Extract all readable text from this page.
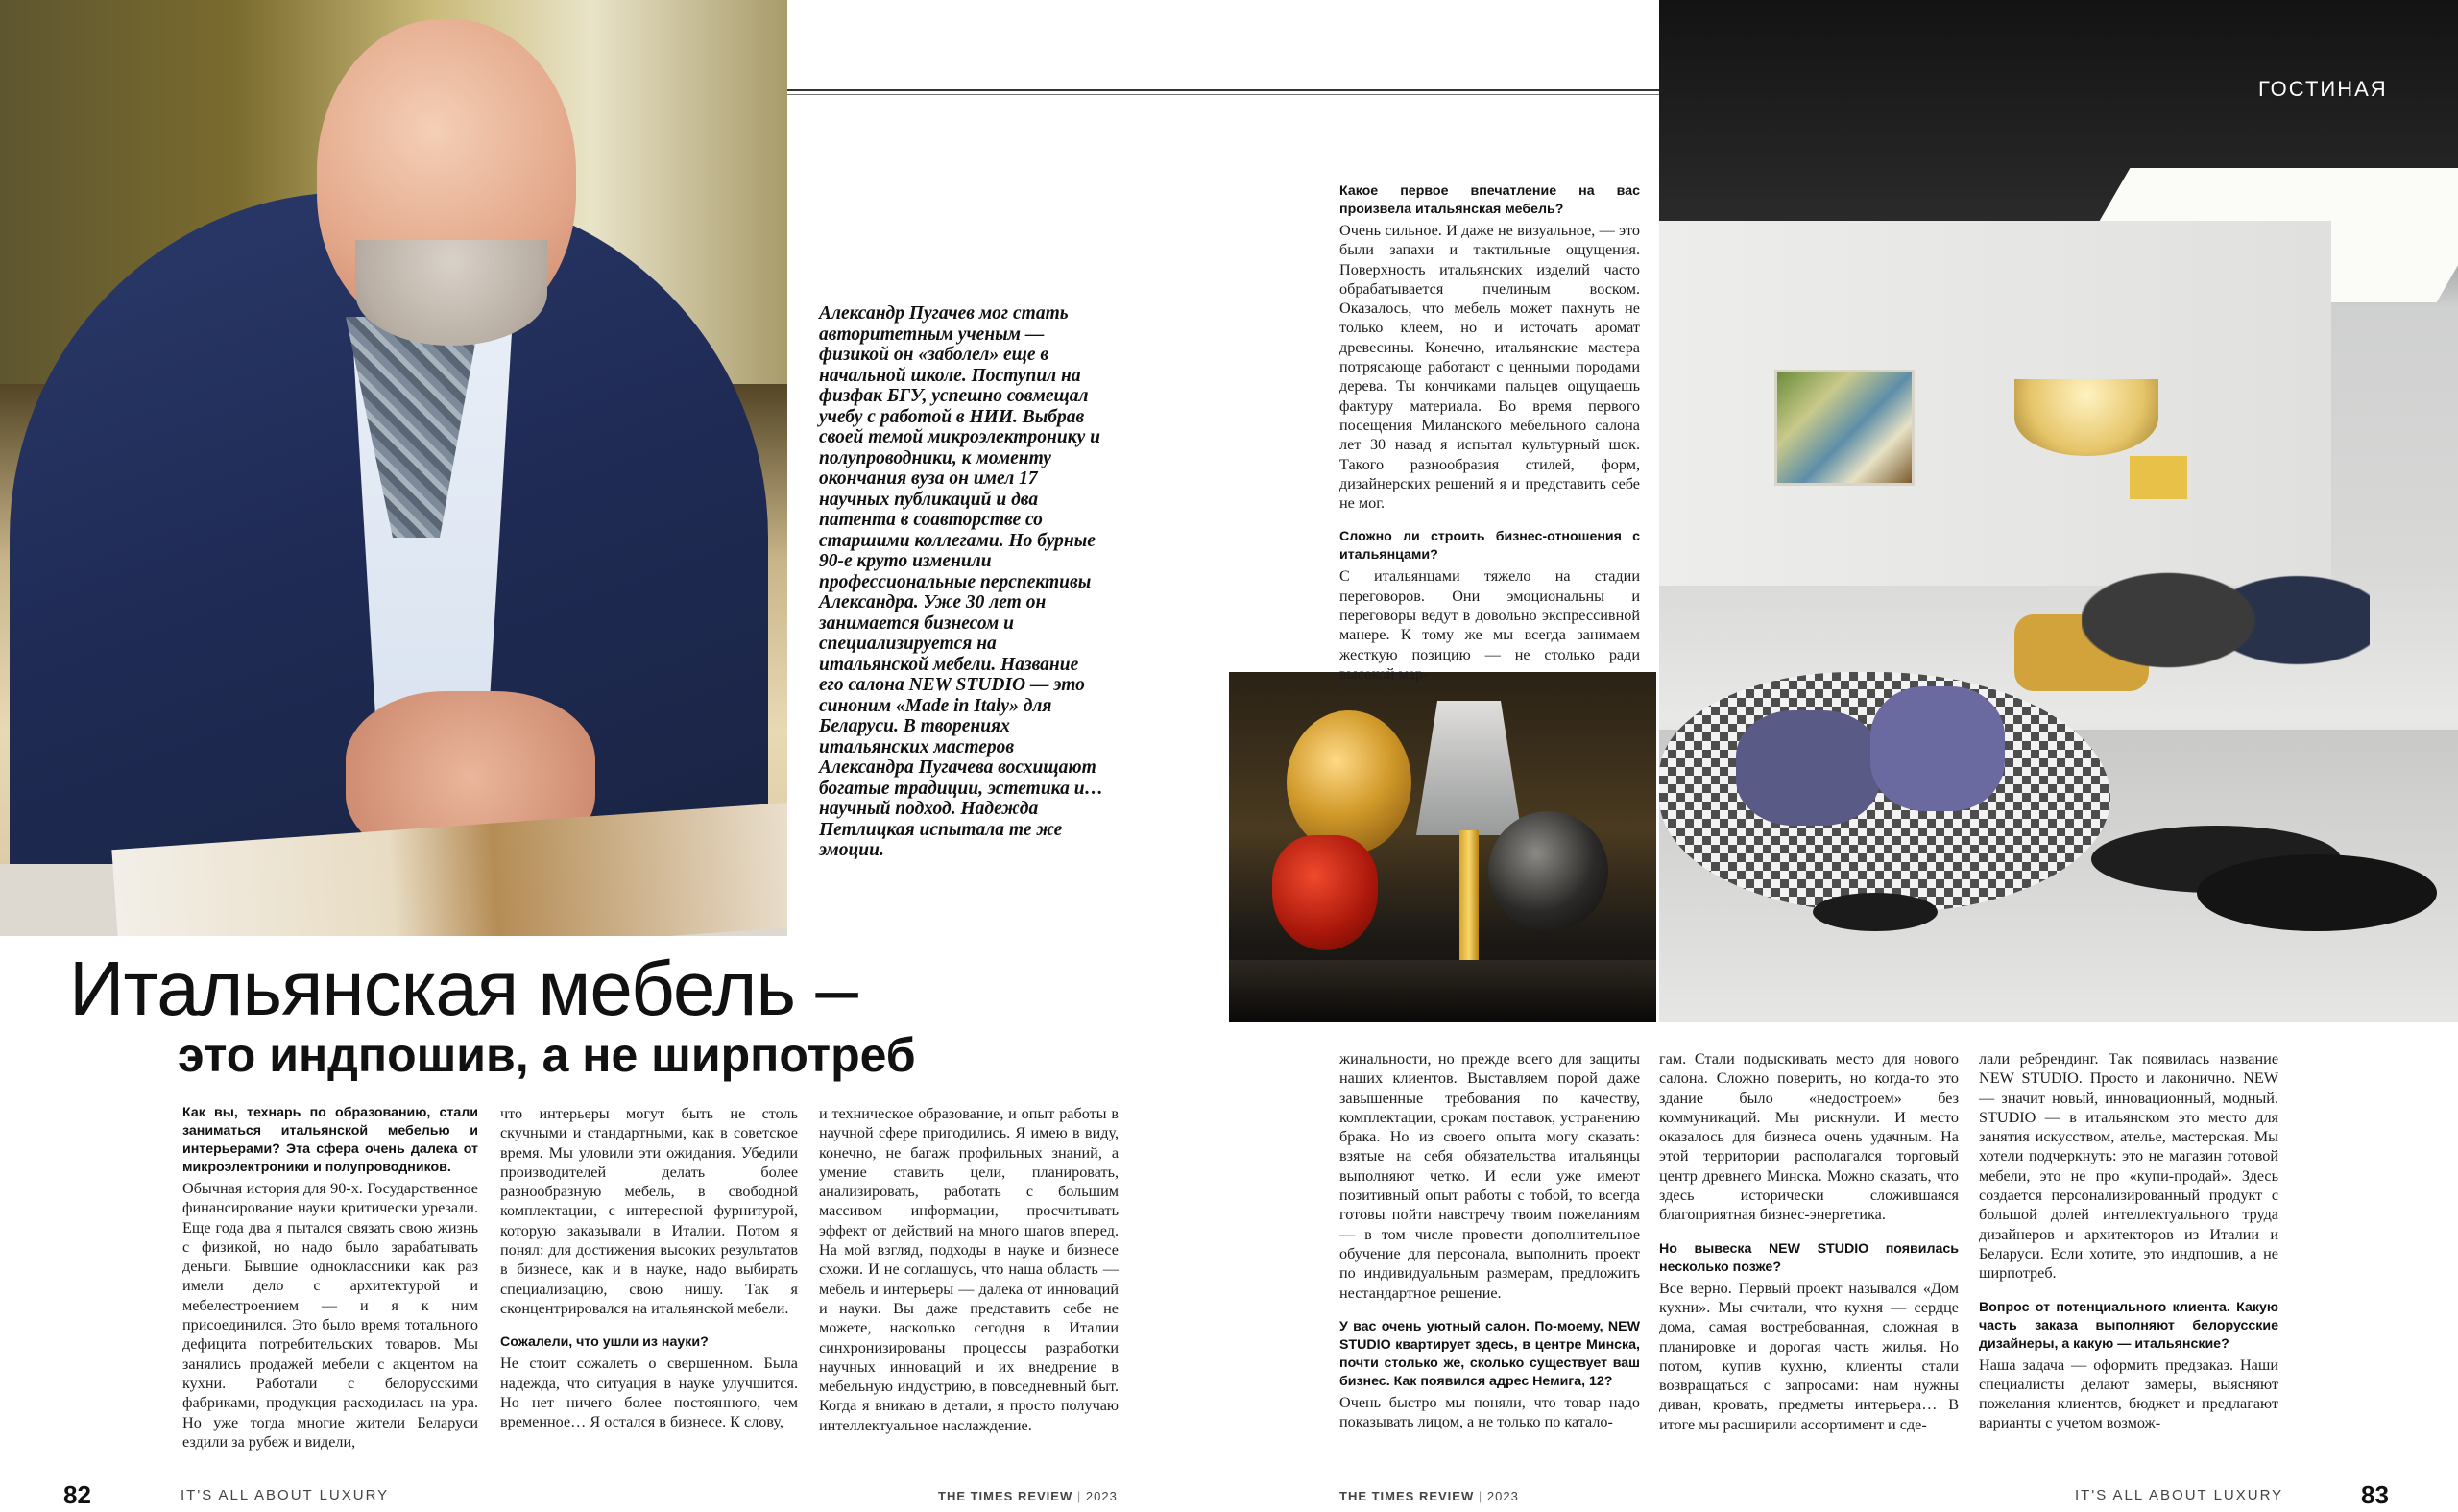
ГОСТИНАЯ
Александр Пугачев мог стать авторитетным ученым — физикой он «заболел» еще в начальной школе. Поступил на физфак БГУ, успешно совмещал учебу с работой в НИИ. Выбрав своей темой микроэлектронику и полупроводники, к моменту окончания вуза он имел 17 научных публикаций и два патента в соавторстве со старшими коллегами. Но бурные 90-е круто изменили профессиональные перспективы Александра. Уже 30 лет он занимается бизнесом и специализируется на итальянской мебели. Название его салона NEW STUDIO — это синоним «Made in Italy» для Беларуси. В творениях итальянских мастеров Александра Пугачева восхищают богатые традиции, эстетика и… научный подход. Надежда Петлицкая испытала те же эмоции.
Итальянская мебель –
это индпошив, а не ширпотреб
Как вы, технарь по образованию, стали заниматься итальянской мебелью и интерьерами? Эта сфера очень далека от микроэлектроники и полупроводников.
Обычная история для 90-х. Государственное финансирование науки критически урезали. Еще года два я пытался связать свою жизнь с физикой, но надо было зарабатывать деньги. Бывшие одноклассники как раз имели дело с архитектурой и мебелестроением — и я к ним присоединился. Это было время тотального дефицита потребительских товаров. Мы занялись продажей мебели с акцентом на кухни. Работали с белорусскими фабриками, продукция расходилась на ура. Но уже тогда многие жители Беларуси ездили за рубеж и видели,
что интерьеры могут быть не столь скучными и стандартными, как в советское время. Мы уловили эти ожидания. Убедили производителей делать более разнообразную мебель, в свободной комплектации, с интересной фурнитурой, которую заказывали в Италии. Потом я понял: для достижения высоких результатов в бизнесе, как и в науке, надо выбирать специализацию, свою нишу. Так я сконцентрировался на итальянской мебели.
Сожалели, что ушли из науки?
Не стоит сожалеть о свершенном. Была надежда, что ситуация в науке улучшится. Но нет ничего более постоянного, чем временное… Я остался в бизнесе. К слову,
и техническое образование, и опыт работы в научной сфере пригодились. Я имею в виду, конечно, не багаж профильных знаний, а умение ставить цели, планировать, анализировать, работать с большим массивом информации, просчитывать эффект от действий на много шагов вперед. На мой взгляд, подходы в науке и бизнесе схожи. И не соглашусь, что наша область — мебель и интерьеры — далека от инноваций и науки. Вы даже представить себе не можете, насколько сегодня в Италии синхронизированы процессы разработки научных инноваций и их внедрение в мебельную индустрию, в повседневный быт. Когда я вникаю в детали, я просто получаю интеллектуальное наслаждение.
Какое первое впечатление на вас произвела итальянская мебель?
Очень сильное. И даже не визуальное, — это были запахи и тактильные ощущения. Поверхность итальянских изделий часто обрабатывается пчелиным воском. Оказалось, что мебель может пахнуть не только клеем, но и источать аромат древесины. Конечно, итальянские мастера потрясающе работают с ценными породами дерева. Ты кончиками пальцев ощущаешь фактуру материала. Во время первого посещения Миланского мебельного салона лет 30 назад я испытал культурный шок. Такого разнообразия стилей, форм, дизайнерских решений я и представить себе не мог.
Сложно ли строить бизнес-отношения с итальянцами?
С итальянцами тяжело на стадии переговоров. Они эмоциональны и переговоры ведут в довольно экспрессивной манере. К тому же мы всегда занимаем жесткую позицию — не столько ради высокой мар-
жинальности, но прежде всего для защиты наших клиентов. Выставляем порой даже завышенные требования по качеству, комплектации, срокам поставок, устранению брака. Но из своего опыта могу сказать: взятые на себя обязательства итальянцы выполняют четко. И если уже имеют позитивный опыт работы с тобой, то всегда готовы пойти навстречу твоим пожеланиям — в том числе провести дополнительное обучение для персонала, выполнить проект по индивидуальным размерам, предложить нестандартное решение.
У вас очень уютный салон. По-моему, NEW STUDIO квартирует здесь, в центре Минска, почти столько же, сколько существует ваш бизнес. Как появился адрес Немига, 12?
Очень быстро мы поняли, что товар надо показывать лицом, а не только по катало-
гам. Стали подыскивать место для нового салона. Сложно поверить, но когда-то это здание было «недостроем» без коммуникаций. Мы рискнули. И место оказалось для бизнеса очень удачным. На этой территории располагался торговый центр древнего Минска. Можно сказать, что здесь исторически сложившаяся благоприятная бизнес-энергетика.
Но вывеска NEW STUDIO появилась несколько позже?
Все верно. Первый проект назывался «Дом кухни». Мы считали, что кухня — сердце дома, самая востребованная, сложная в планировке и дорогая часть жилья. Но потом, купив кухню, клиенты стали возвращаться с запросами: нам нужны диван, кровать, предметы интерьера… В итоге мы расширили ассортимент и сде-
лали ребрендинг. Так появилась название NEW STUDIO. Просто и лаконично. NEW — значит новый, инновационный, модный. STUDIO — в итальянском это место для занятия искусством, ателье, мастерская. Мы хотели подчеркнуть: это не магазин готовой мебели, это не про «купи-продай». Здесь создается персонализированный продукт с большой долей интеллектуального труда дизайнеров и архитекторов из Италии и Беларуси. Если хотите, это индпошив, а не ширпотреб.
Вопрос от потенциального клиента. Какую часть заказа выполняют белорусские дизайнеры, а какую — итальянские?
Наша задача — оформить предзаказ. Наши специалисты делают замеры, выясняют пожелания клиентов, бюджет и предлагают варианты с учетом возмож-
82	IT'S ALL ABOUT LUXURY	THE TIMES REVIEW | 2023	THE TIMES REVIEW | 2023	IT'S ALL ABOUT LUXURY	83
